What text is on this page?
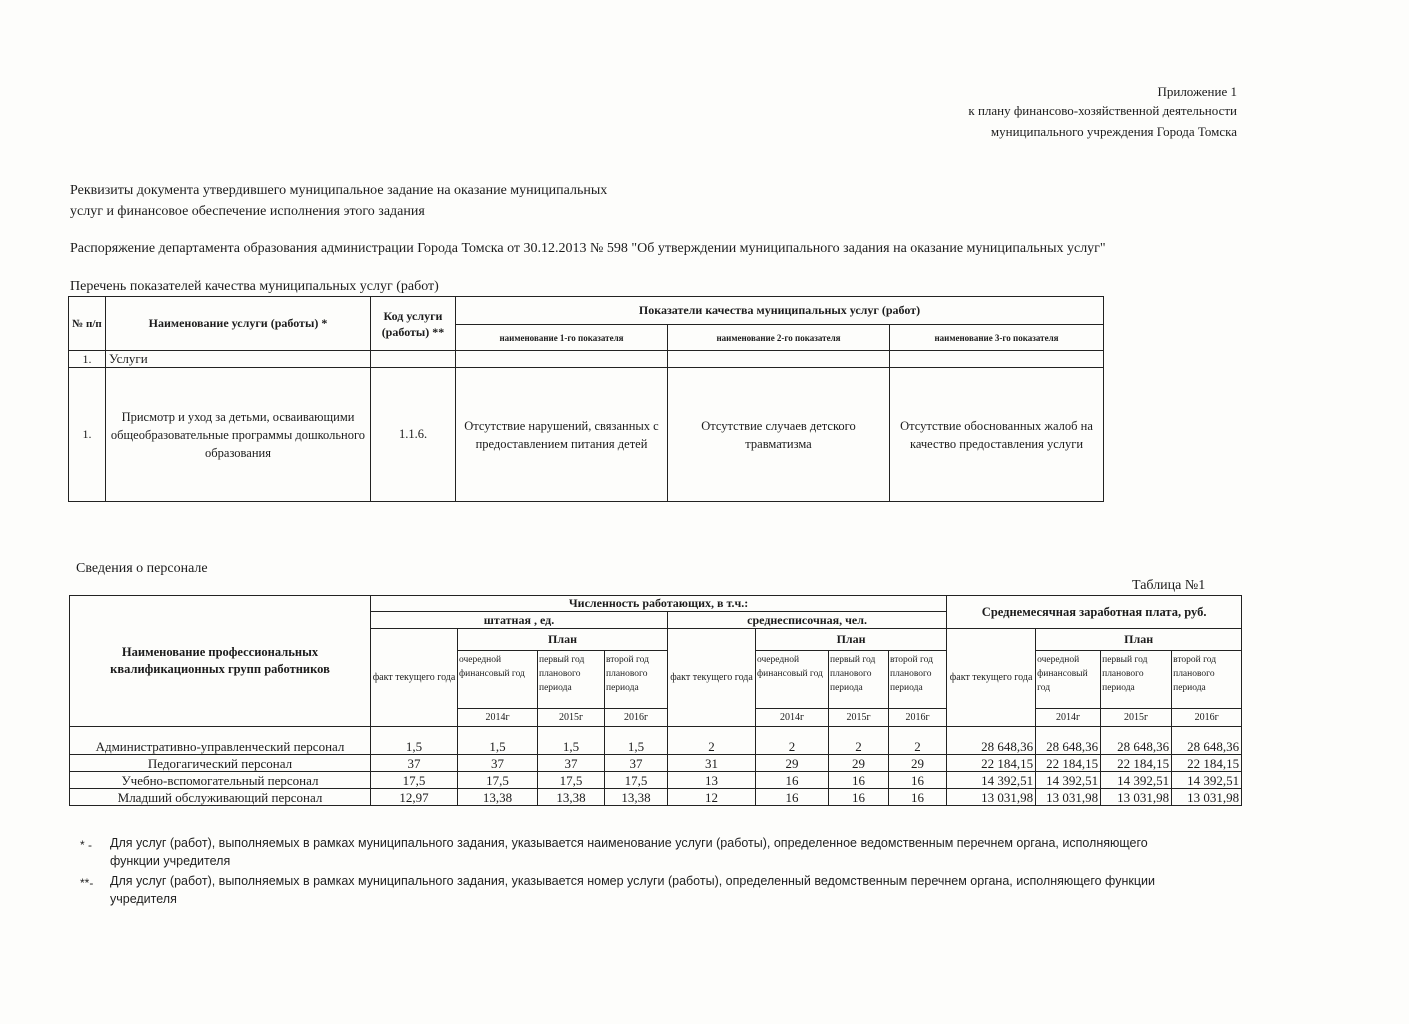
Приложение 1
к плану финансово-хозяйственной деятельности
муниципального учреждения Города Томска
Реквизиты документа утвердившего муниципальное задание на оказание муниципальных
услуг и финансовое обеспечение исполнения этого задания
Распоряжение департамента образования администрации Города Томска от 30.12.2013 № 598 "Об утверждении муниципального задания на оказание муниципальных услуг"
Перечень показателей качества муниципальных услуг (работ)
№ п/п	Наименование услуги (работы) *	Код услуги (работы) **	Показатели качества муниципальных услуг (работ)		
			наименование 1-го показателя	наименование 2-го показателя	наименование 3-го показателя
1.	Услуги				
1.	Присмотр и уход за детьми, осваивающими общеобразовательные программы дошкольного образования	1.1.6.	Отсутствие нарушений, связанных с предоставлением питания детей	Отсутствие случаев детского травматизма	Отсутствие обоснованных жалоб на качество предоставления услуги
Сведения о персонале
Таблица №1
Наименование профессиональных квалификационных групп работников	Численность работающих, в т.ч.:								Среднемесячная заработная плата, руб.			
	штатная , ед.				среднесписочная, чел.							
	факт текущего года	План			факт текущего года	План			факт текущего года	План		
		очередной финансовый год	первый год планового периода	второй год планового периода		очередной финансовый год	первый год планового периода	второй год планового периода		очередной финансовый год	первый год планового периода	второй год планового периода
		2014г	2015г	2016г		2014г	2015г	2016г		2014г	2015г	2016г
Административно-управленческий персонал	1,5	1,5	1,5	1,5	2	2	2	2	28 648,36	28 648,36	28 648,36	28 648,36
Педогагический персонал	37	37	37	37	31	29	29	29	22 184,15	22 184,15	22 184,15	22 184,15
Учебно-вспомогательный персонал	17,5	17,5	17,5	17,5	13	16	16	16	14 392,51	14 392,51	14 392,51	14 392,51
Младший обслуживающий персонал	12,97	13,38	13,38	13,38	12	16	16	16	13 031,98	13 031,98	13 031,98	13 031,98
* - Для услуг (работ), выполняемых в рамках муниципального задания, указывается наименование услуги (работы), определенное ведомственным перечнем органа, исполняющего функции учредителя
**- Для услуг (работ), выполняемых в рамках муниципального задания, указывается номер услуги (работы), определенный ведомственным перечнем органа, исполняющего функции учредителя
